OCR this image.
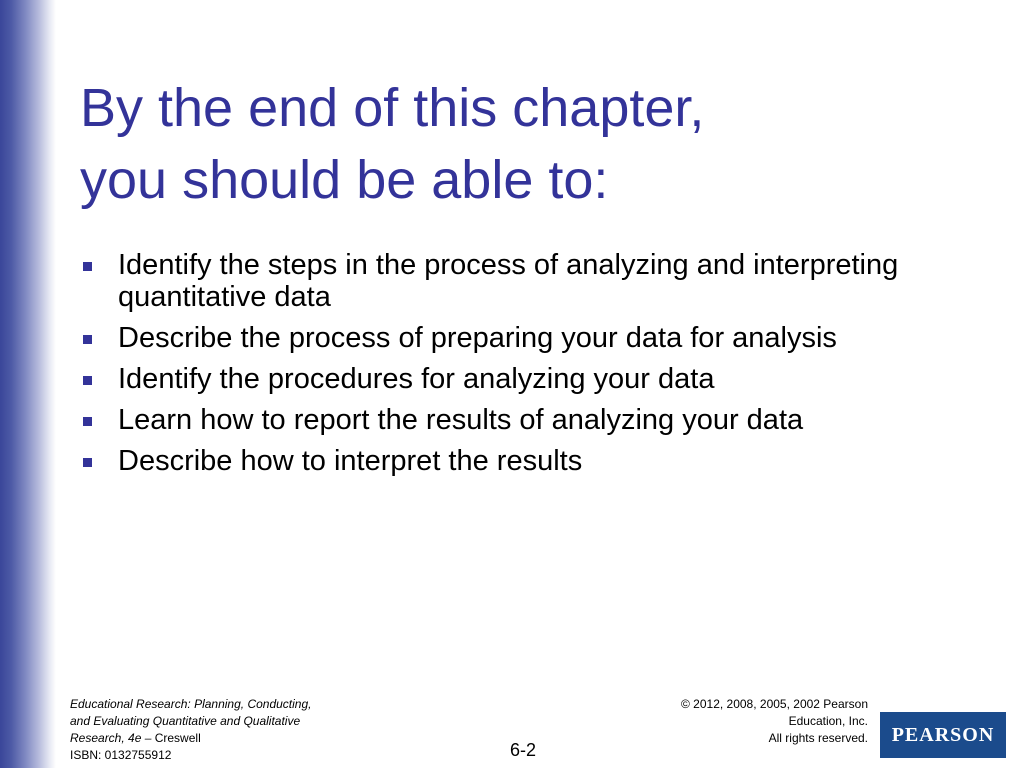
By the end of this chapter,
you should be able to:
Identify the steps in the process of analyzing and interpreting quantitative data
Describe the process of preparing your data for analysis
Identify the procedures for analyzing your data
Learn how to report the results of analyzing your data
Describe how to interpret the results
Educational Research: Planning, Conducting,
and Evaluating Quantitative and Qualitative
Research, 4e – Creswell
ISBN: 0132755912	6-2
© 2012, 2008, 2005, 2002 Pearson
Education, Inc.
All rights reserved. PEARSON
